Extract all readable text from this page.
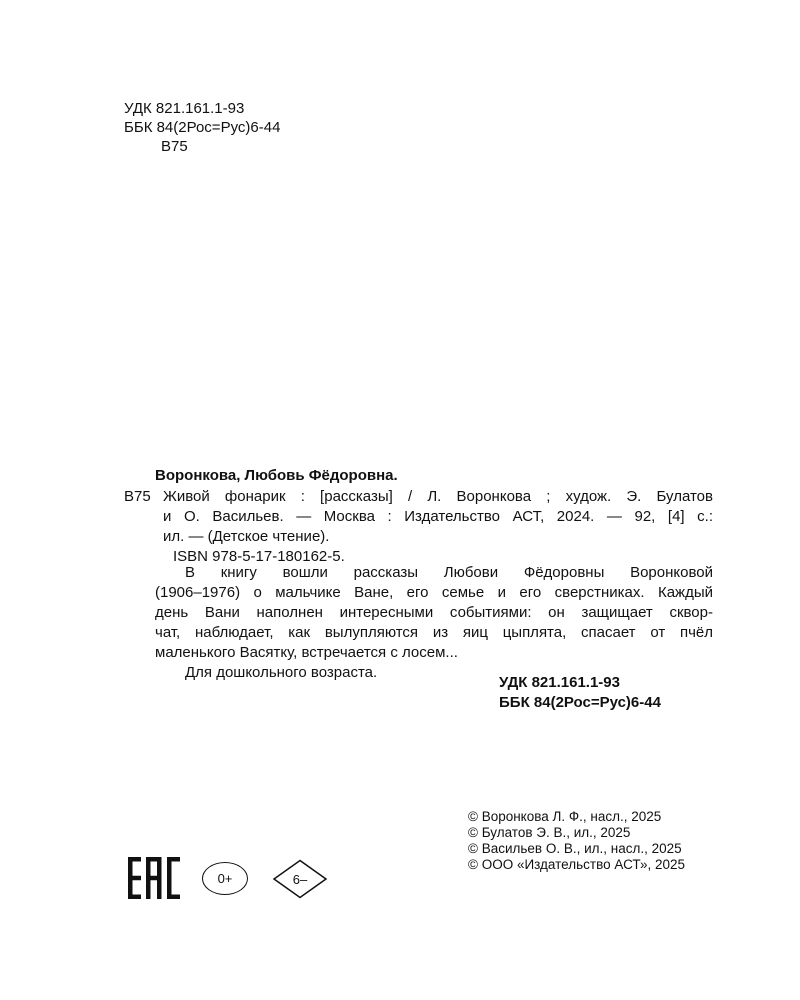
УДК 821.161.1-93
ББК 84(2Рос=Рус)6-44
В75
Воронкова, Любовь Фёдоровна.
В75 Живой фонарик : [рассказы] / Л. Воронкова ; худож. Э. Булатов
и О. Васильев. — Москва : Издательство АСТ, 2024. — 92, [4] с.:
ил. — (Детское чтение).
ISBN 978-5-17-180162-5.
В книгу вошли рассказы Любови Фёдоровны Воронковой
(1906–1976) о мальчике Ване, его семье и его сверстниках. Каждый
день Вани наполнен интересными событиями: он защищает сквор-
чат, наблюдает, как вылупляются из яиц цыплята, спасает от пчёл
маленького Васятку, встречается с лосем...
Для дошкольного возраста.
УДК 821.161.1-93
ББК 84(2Рос=Рус)6-44
© Воронкова Л. Ф., насл., 2025
© Булатов Э. В., ил., 2025
© Васильев О. В., ил., насл., 2025
© ООО «Издательство АСТ», 2025
0+	6–
